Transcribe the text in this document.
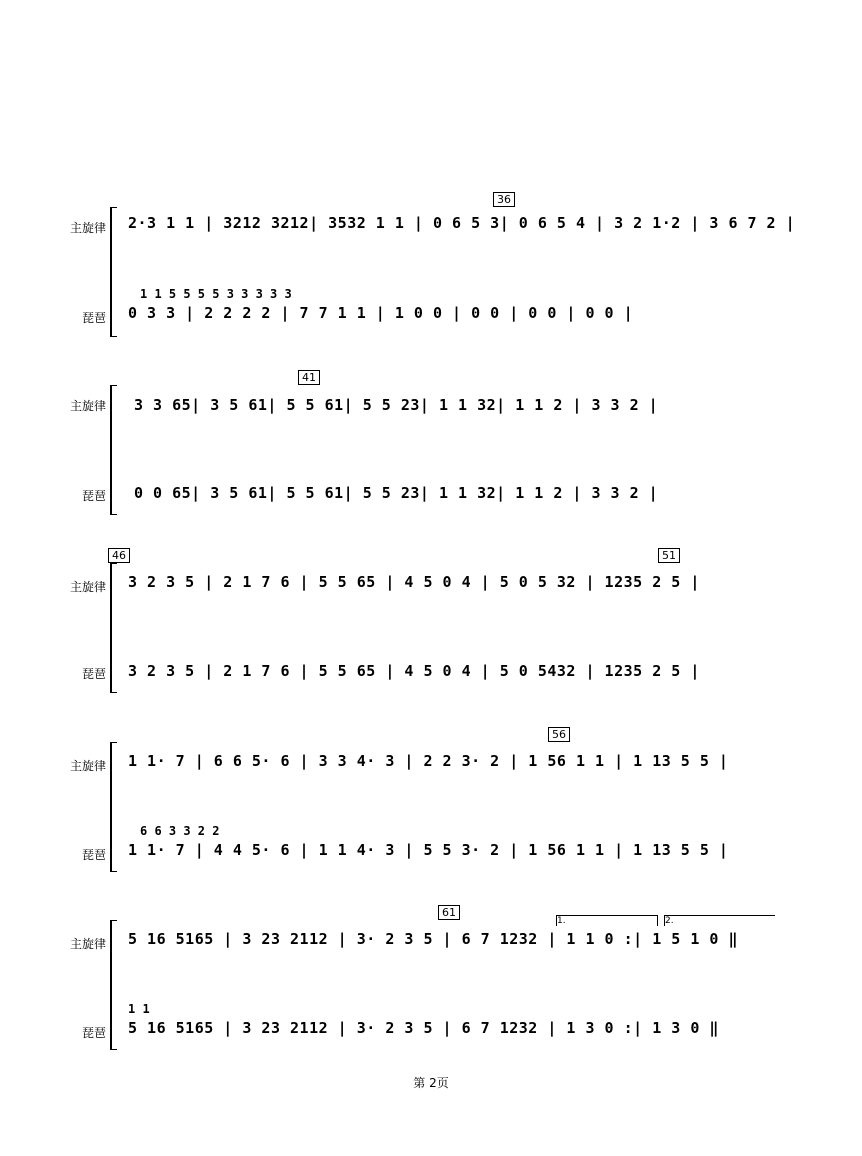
主旋律
琵琶
36
2·3 1 1 | 3212 3212| 3532 1 1 | 0 6 5 3| 0 6 5 4 | 3 2 1·2 | 3 6 7 2 |
1 1 5 5 5 5 3 3 3 3 3
0 3 3 | 2 2 2 2 | 7 7 1 1 | 1 0 0 | 0 0 | 0 0 | 0 0 |
主旋律
琵琶
41
3 3 65| 3 5 61| 5 5 61| 5 5 23| 1 1 32| 1 1 2 | 3 3 2 |
0 0 65| 3 5 61| 5 5 61| 5 5 23| 1 1 32| 1 1 2 | 3 3 2 |
主旋律
琵琶
46	51
3 2 3 5 | 2 1 7 6 | 5 5 65 | 4 5 0 4 | 5 0 5 32 | 1235 2 5 |
3 2 3 5 | 2 1 7 6 | 5 5 65 | 4 5 0 4 | 5 0 5432 | 1235 2 5 |
主旋律
琵琶
56
1 1· 7 | 6 6 5· 6 | 3 3 4· 3 | 2 2 3· 2 | 1 56 1 1 | 1 13 5 5 |
6 6 3 3 2 2
1 1· 7 | 4 4 5· 6 | 1 1 4· 3 | 5 5 3· 2 | 1 56 1 1 | 1 13 5 5 |
主旋律
琵琶
61
1.	2.
5 16 5165 | 3 23 2112 | 3· 2 3 5 | 6 7 1232 | 1 1 0 :| 1 5 1 0 ‖
1 1
5 16 5165 | 3 23 2112 | 3· 2 3 5 | 6 7 1232 | 1 3 0 :| 1 3 0 ‖
第 2页
